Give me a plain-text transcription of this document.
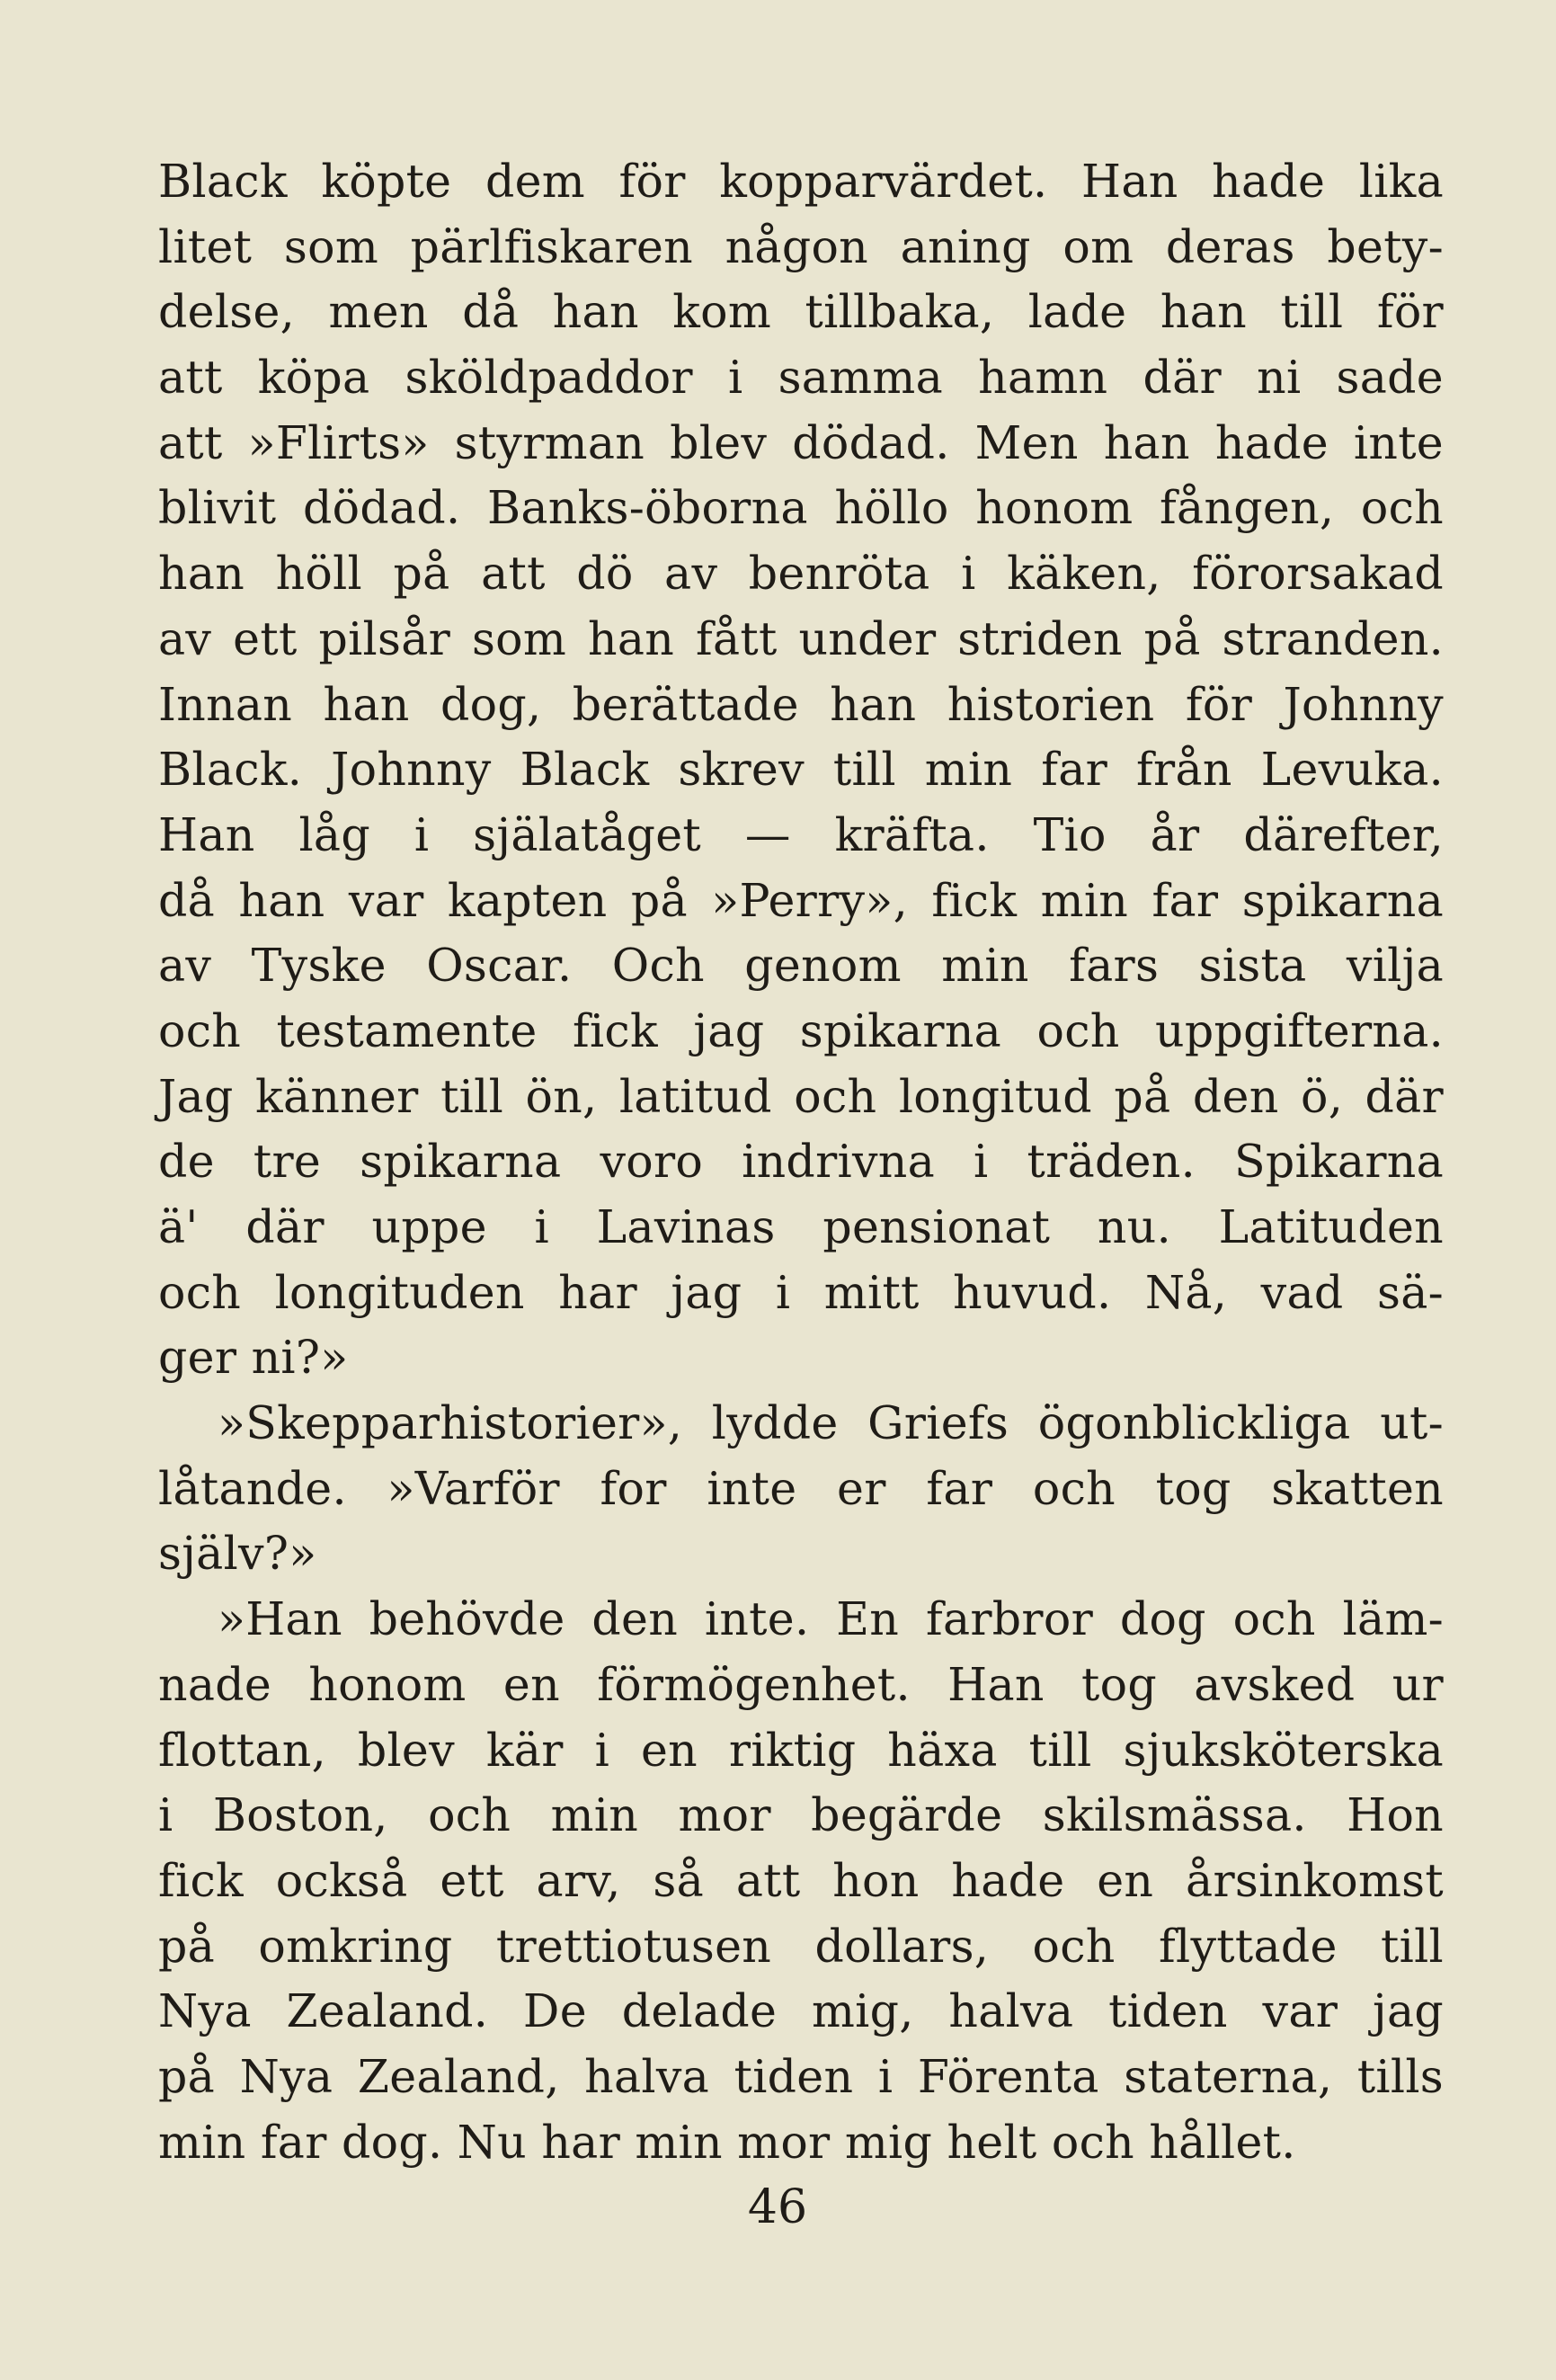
Black köpte dem för kopparvärdet. Han hade lika
litet som pärlfiskaren någon aning om deras bety-
delse, men då han kom tillbaka, lade han till för
att köpa sköldpaddor i samma hamn där ni sade
att »Flirts» styrman blev dödad. Men han hade inte
blivit dödad. Banks-öborna höllo honom fången, och
han höll på att dö av benröta i käken, förorsakad
av ett pilsår som han fått under striden på stranden.
Innan han dog, berättade han historien för Johnny
Black. Johnny Black skrev till min far från Levuka.
Han låg i själatåget — kräfta. Tio år därefter,
då han var kapten på »Perry», fick min far spikarna
av Tyske Oscar. Och genom min fars sista vilja
och testamente fick jag spikarna och uppgifterna.
Jag känner till ön, latitud och longitud på den ö, där
de tre spikarna voro indrivna i träden. Spikarna
ä' där uppe i Lavinas pensionat nu. Latituden
och longituden har jag i mitt huvud. Nå, vad sä-
ger ni?»
»Skepparhistorier», lydde Griefs ögonblickliga ut-
låtande. »Varför for inte er far och tog skatten
själv?»
»Han behövde den inte. En farbror dog och läm-
nade honom en förmögenhet. Han tog avsked ur
flottan, blev kär i en riktig häxa till sjuksköterska
i Boston, och min mor begärde skilsmässa. Hon
fick också ett arv, så att hon hade en årsinkomst
på omkring trettiotusen dollars, och flyttade till
Nya Zealand. De delade mig, halva tiden var jag
på Nya Zealand, halva tiden i Förenta staterna, tills
min far dog. Nu har min mor mig helt och hållet.
46
